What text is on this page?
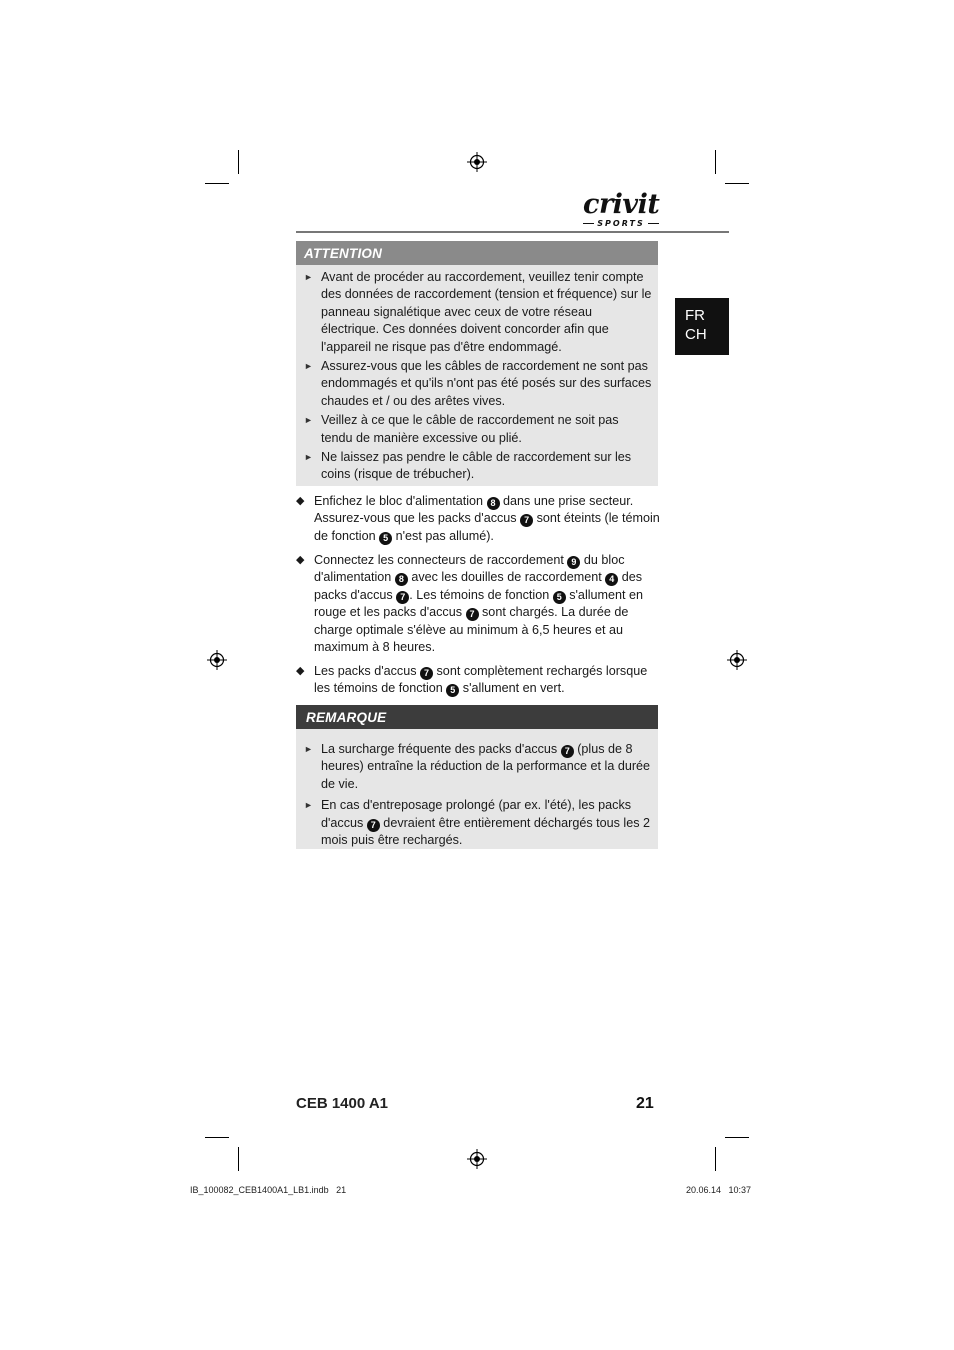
crivit
SPORTS
FR
CH
ATTENTION
► Avant de procéder au raccordement, veuillez tenir compte des données de raccordement (tension et fréquence) sur le panneau signalétique avec ceux de votre réseau électrique. Ces données doivent concorder afin que l'appareil ne risque pas d'être endommagé.
► Assurez-vous que les câbles de raccordement ne sont pas endommagés et qu'ils n'ont pas été posés sur des surfaces chaudes et / ou des arêtes vives.
► Veillez à ce que le câble de raccordement ne soit pas tendu de manière excessive ou plié.
► Ne laissez pas pendre le câble de raccordement sur les coins (risque de trébucher).
◆ Enfichez le bloc d'alimentation 8 dans une prise secteur. Assurez-vous que les packs d'accus 7 sont éteints (le témoin de fonction 5 n'est pas allumé).
◆ Connectez les connecteurs de raccordement 9 du bloc d'alimentation 8 avec les douilles de raccordement 4 des packs d'accus 7 . Les témoins de fonction 5 s'allument en rouge et les packs d'accus 7 sont chargés. La durée de charge optimale s'élève au minimum à 6,5 heures et au maximum à 8 heures.
◆ Les packs d'accus 7 sont complètement rechargés lorsque les témoins de fonction 5 s'allument en vert.
REMARQUE
► La surcharge fréquente des packs d'accus 7 (plus de 8 heures) entraîne la réduction de la performance et la durée de vie.
► En cas d'entreposage prolongé (par ex. l'été), les packs d'accus 7 devraient être entièrement déchargés tous les 2 mois puis être rechargés.
CEB 1400 A1	21
IB_100082_CEB1400A1_LB1.indb   21	20.06.14   10:37
